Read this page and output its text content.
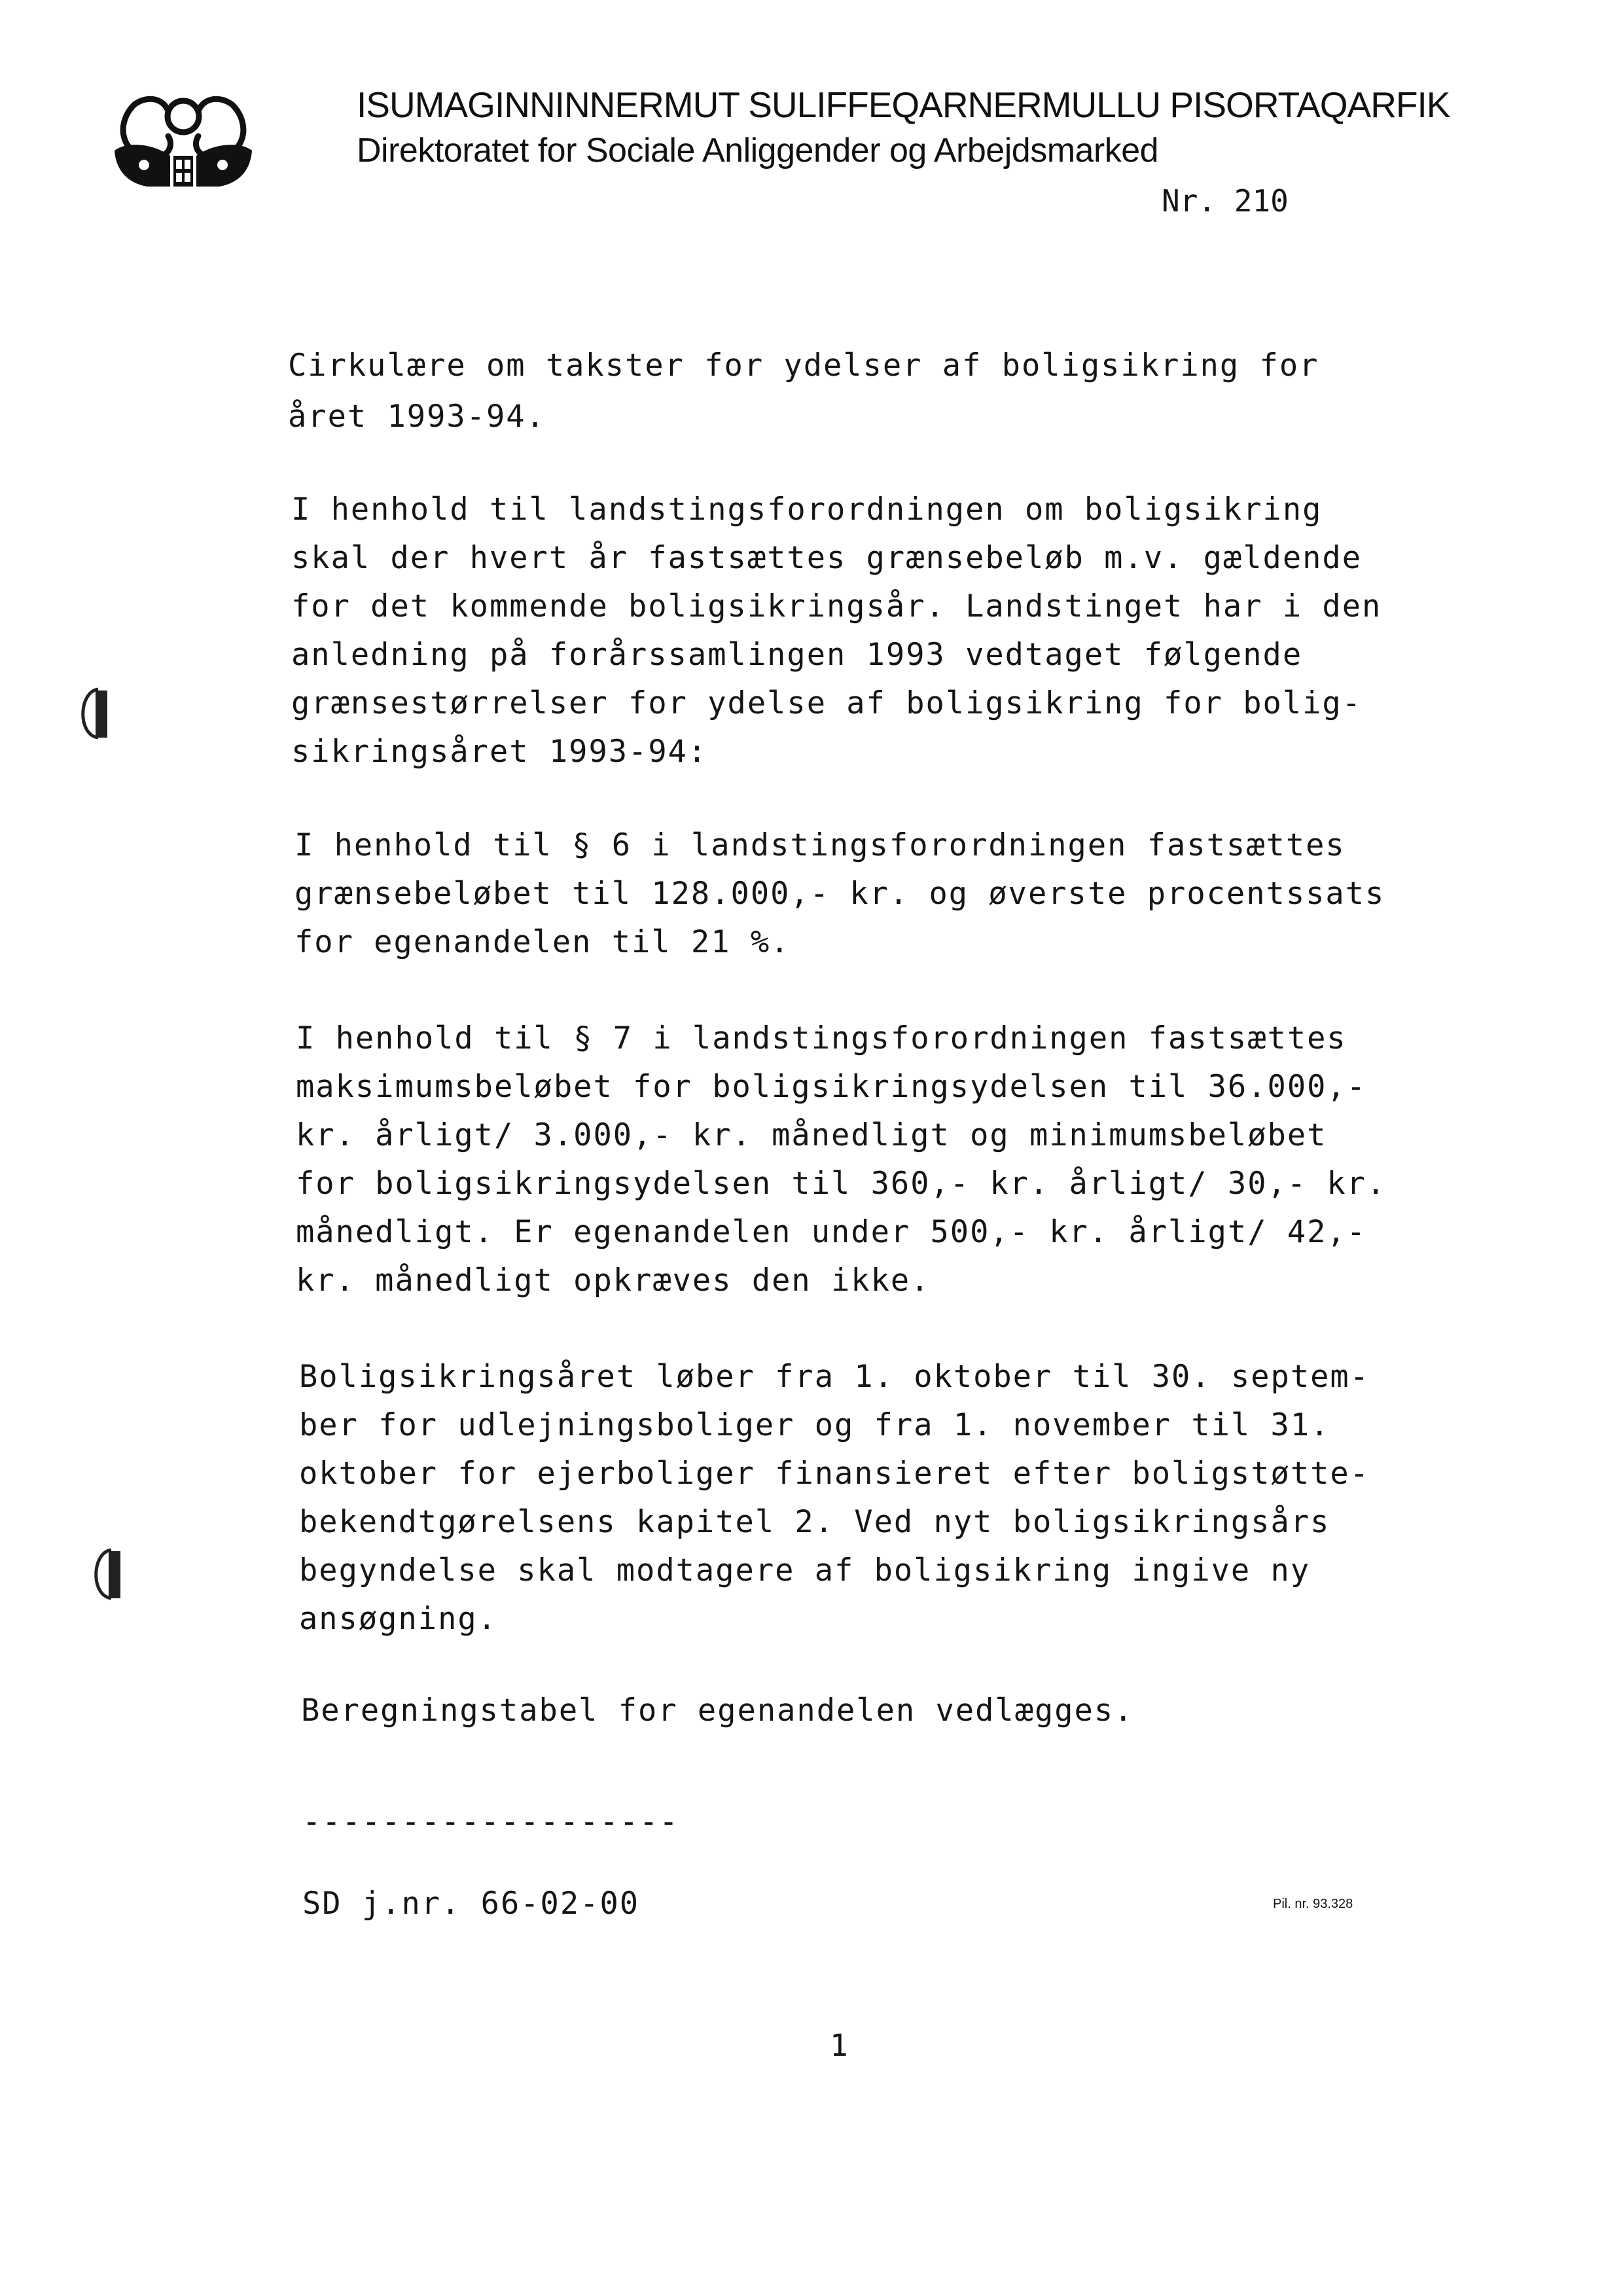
ISUMAGINNINNERMUT SULIFFEQARNERMULLU PISORTAQARFIK
Direktoratet for Sociale Anliggender og Arbejdsmarked
Nr. 210
Cirkulære om takster for ydelser af boligsikring for
året 1993-94.
I henhold til landstingsforordningen om boligsikring
skal der hvert år fastsættes grænsebeløb m.v. gældende
for det kommende boligsikringsår. Landstinget har i den
anledning på forårssamlingen 1993 vedtaget følgende
grænsestørrelser for ydelse af boligsikring for bolig-
sikringsåret 1993-94:
I henhold til § 6 i landstingsforordningen fastsættes
grænsebeløbet til 128.000,- kr. og øverste procentssats
for egenandelen til 21 %.
I henhold til § 7 i landstingsforordningen fastsættes
maksimumsbeløbet for boligsikringsydelsen til 36.000,-
kr. årligt/ 3.000,- kr. månedligt og minimumsbeløbet
for boligsikringsydelsen til 360,- kr. årligt/ 30,- kr.
månedligt. Er egenandelen under 500,- kr. årligt/ 42,-
kr. månedligt opkræves den ikke.
Boligsikringsåret løber fra 1. oktober til 30. septem-
ber for udlejningsboliger og fra 1. november til 31.
oktober for ejerboliger finansieret efter boligstøtte-
bekendtgørelsens kapitel 2. Ved nyt boligsikringsårs
begyndelse skal modtagere af boligsikring ingive ny
ansøgning.
Beregningstabel for egenandelen vedlægges.
-------------------
SD j.nr. 66-02-00	Pil. nr. 93.328
1
